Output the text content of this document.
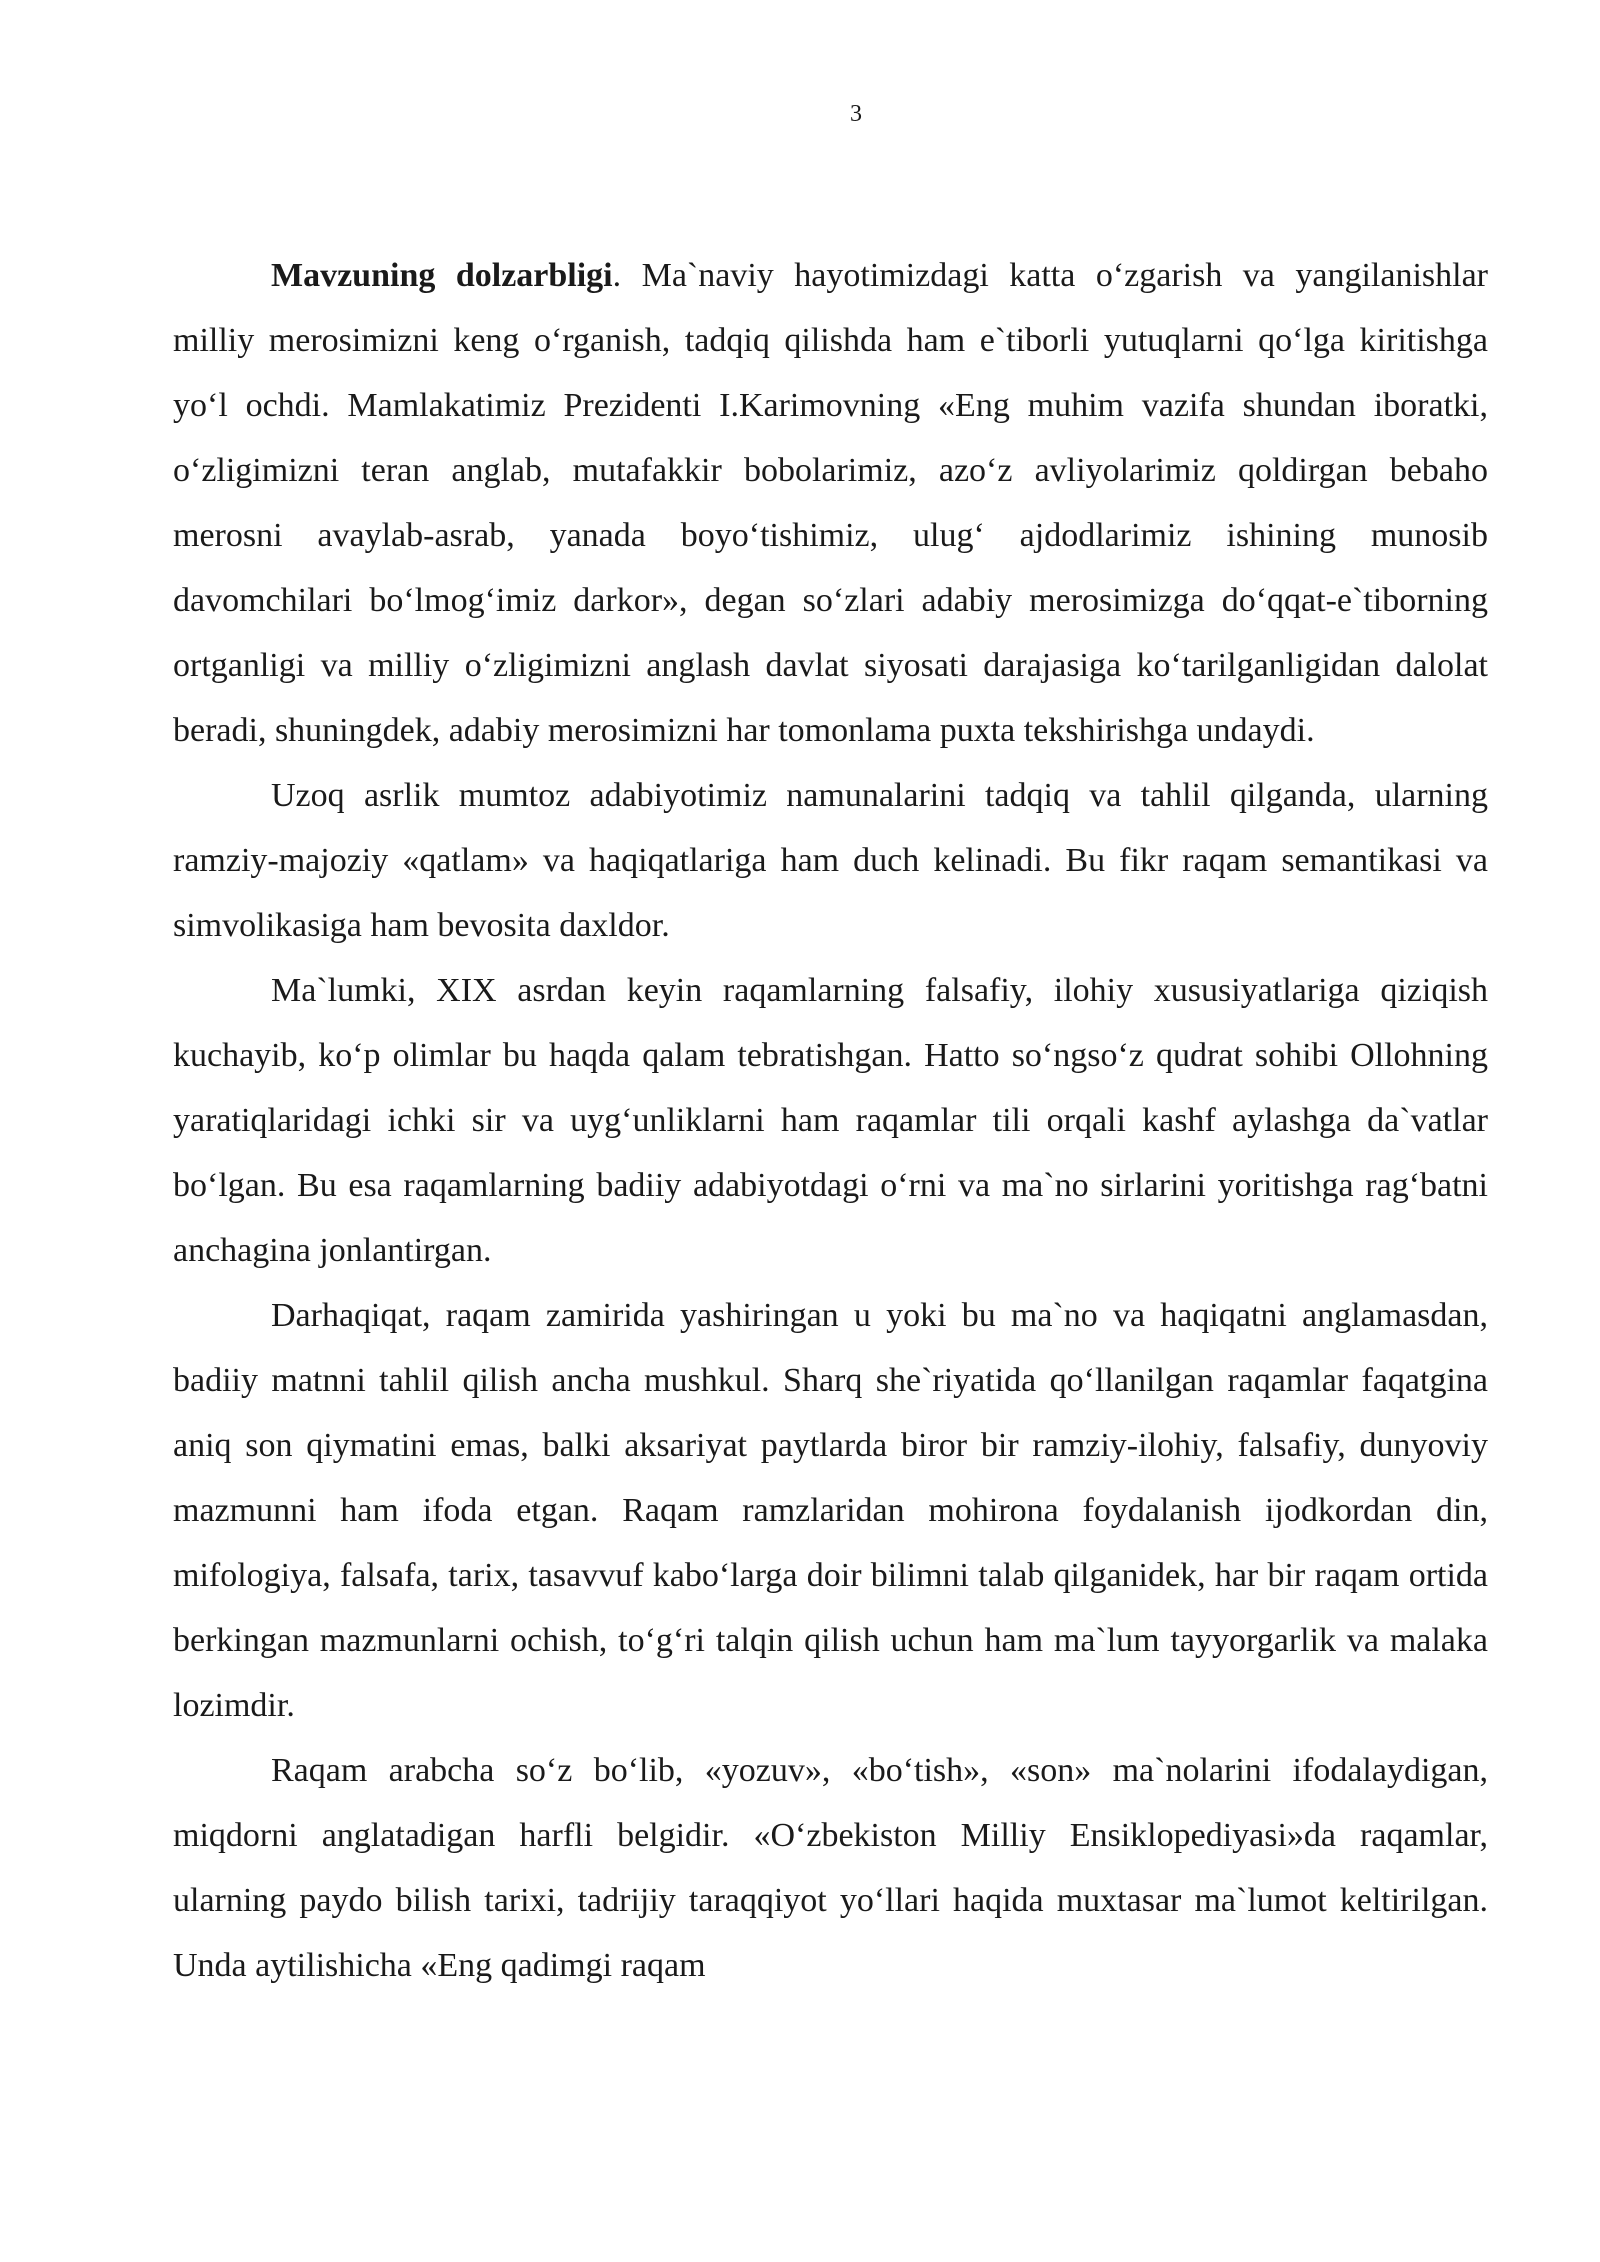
3

Mavzuning dolzarbligi. Ma`naviy hayotimizdagi katta o‘zgarish va yangilanishlar milliy merosimizni keng o‘rganish, tadqiq qilishda ham e`tiborli yutuqlarni qo‘lga kiritishga yo‘l ochdi. Mamlakatimiz Prezidenti I.Karimovning «Eng muhim vazifa shundan iboratki, o‘zligimizni teran anglab, mutafakkir bobolarimiz, azo‘z avliyolarimiz qoldirgan bebaho merosni avaylab-asrab, yanada boyo‘tishimiz, ulug‘ ajdodlarimiz ishining munosib davomchilari bo‘lmog‘imiz darkor», degan so‘zlari adabiy merosimizga do‘qqat-e`tiborning ortganligi va milliy o‘zligimizni anglash davlat siyosati darajasiga ko‘tarilganligidan dalolat beradi, shuningdek, adabiy merosimizni har tomonlama puxta tekshirishga undaydi.

Uzoq asrlik mumtoz adabiyotimiz namunalarini tadqiq va tahlil qilganda, ularning ramziy-majoziy «qatlam» va haqiqatlariga ham duch kelinadi. Bu fikr raqam semantikasi va simvolikasiga ham bevosita daxldor.

Ma`lumki, XIX asrdan keyin raqamlarning falsafiy, ilohiy xususiyatlariga qiziqish kuchayib, ko‘p olimlar bu haqda qalam tebratishgan. Hatto so‘ngso‘z qudrat sohibi Ollohning yaratiqlaridagi ichki sir va uyg‘unliklarni ham raqamlar tili orqali kashf aylashga da`vatlar bo‘lgan. Bu esa raqamlarning badiiy adabiyotdagi o‘rni va ma`no sirlarini yoritishga rag‘batni anchagina jonlantirgan.

Darhaqiqat, raqam zamirida yashiringan u yoki bu ma`no va haqiqatni anglamasdan, badiiy matnni tahlil qilish ancha mushkul. Sharq she`riyatida qo‘llanilgan raqamlar faqatgina aniq son qiymatini emas, balki aksariyat paytlarda biror bir ramziy-ilohiy, falsafiy, dunyoviy mazmunni ham ifoda etgan. Raqam ramzlaridan mohirona foydalanish ijodkordan din, mifologiya, falsafa, tarix, tasavvuf kabo‘larga doir bilimni talab qilganidek, har bir raqam ortida berkingan mazmunlarni ochish, to‘g‘ri talqin qilish uchun ham ma`lum tayyorgarlik va malaka lozimdir.

Raqam arabcha so‘z bo‘lib, «yozuv», «bo‘tish», «son» ma`nolarini ifodalaydigan, miqdorni anglatadigan harfli belgidir. «O‘zbekiston Milliy Ensiklopediyasi»da raqamlar, ularning paydo bilish tarixi, tadrijiy taraqqiyot yo‘llari haqida muxtasar ma`lumot keltirilgan. Unda aytilishicha «Eng qadimgi raqam
